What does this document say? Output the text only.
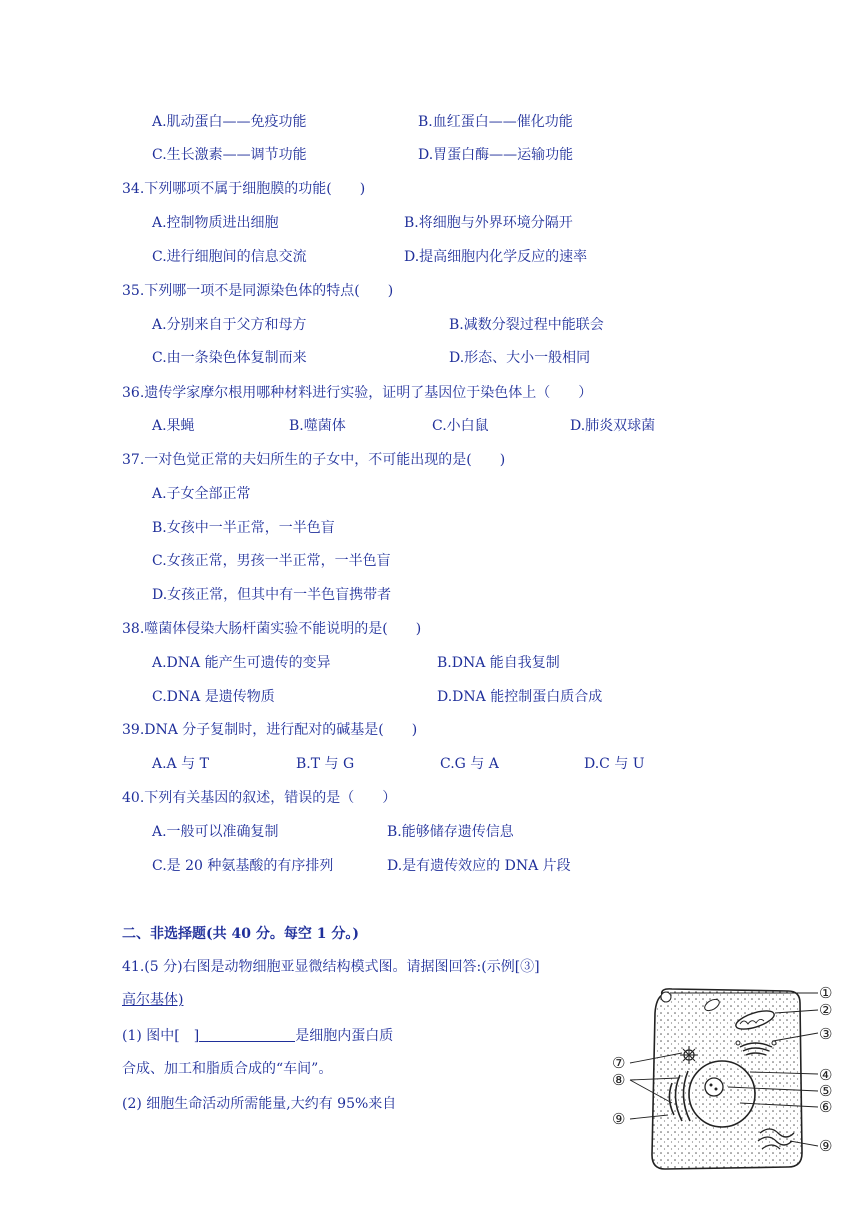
A.肌动蛋白——免疫功能	B.血红蛋白——催化功能
C.生长激素——调节功能	D.胃蛋白酶——运输功能
34.下列哪项不属于细胞膜的功能(　　)
A.控制物质进出细胞	B.将细胞与外界环境分隔开
C.进行细胞间的信息交流	D.提高细胞内化学反应的速率
35.下列哪一项不是同源染色体的特点(　　)
A.分别来自于父方和母方	B.减数分裂过程中能联会
C.由一条染色体复制而来	D.形态、大小一般相同
36.遗传学家摩尔根用哪种材料进行实验，证明了基因位于染色体上（　　）
A.果蝇	B.噬菌体	C.小白鼠	D.肺炎双球菌
37.一对色觉正常的夫妇所生的子女中，不可能出现的是(　　)
A.子女全部正常
B.女孩中一半正常，一半色盲
C.女孩正常，男孩一半正常，一半色盲
D.女孩正常，但其中有一半色盲携带者
38.噬菌体侵染大肠杆菌实验不能说明的是(　　)
A.DNA 能产生可遗传的变异	B.DNA 能自我复制
C.DNA 是遗传物质	D.DNA 能控制蛋白质合成
39.DNA 分子复制时，进行配对的碱基是(　　)
A.A 与 T	B.T 与 G	C.G 与 A	D.C 与 U
40.下列有关基因的叙述，错误的是（　　）
A.一般可以准确复制	B.能够储存遗传信息
C.是 20 种氨基酸的有序排列	D.是有遗传效应的 DNA 片段
二、非选择题(共 40 分。每空 1 分。)
41.(5 分)右图是动物细胞亚显微结构模式图。请据图回答:(示例[③]
高尔基体)
(1) 图中[　]	是细胞内蛋白质
合成、加工和脂质合成的“车间”。
(2) 细胞生命活动所需能量,大约有 95%来自
①
②
③
④
⑤
⑥
⑦
⑧
⑨
⑨
